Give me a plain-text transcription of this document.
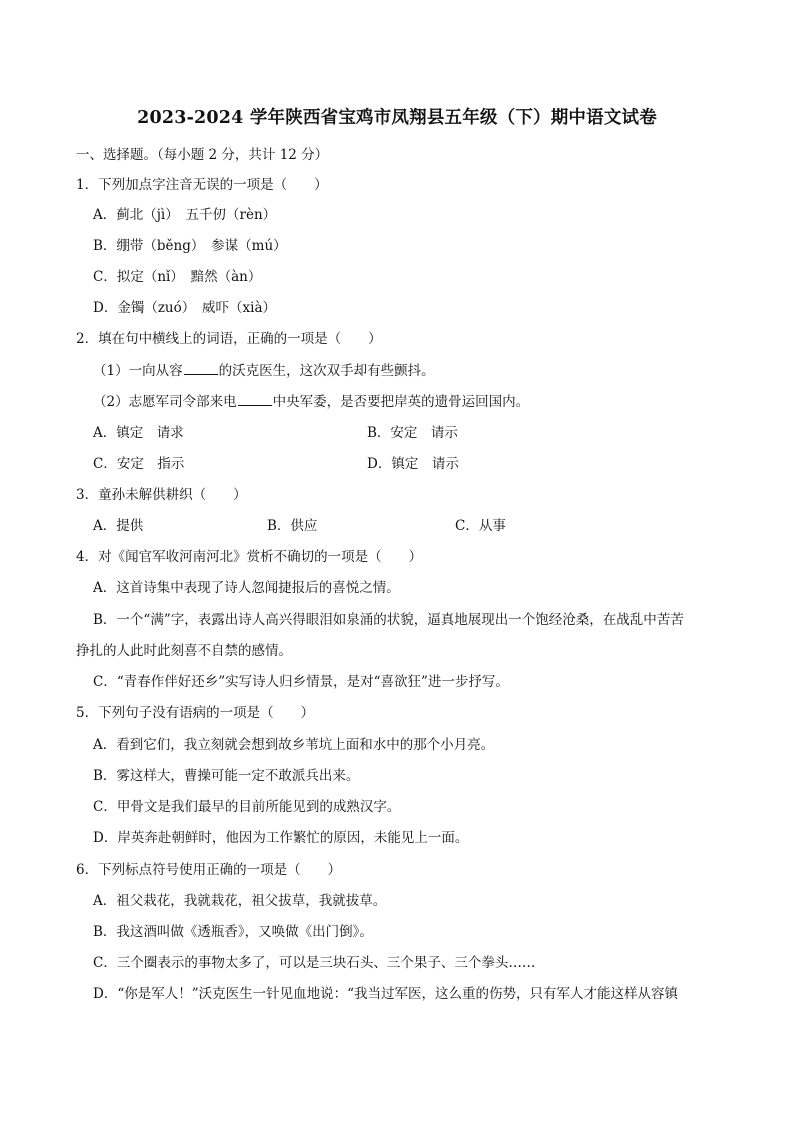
2023-2024 学年陕西省宝鸡市凤翔县五年级（下）期中语文试卷
一、选择题。（每小题 2 分，共计 12 分）
1．下列加点字注音无误的一项是（　　）
A．蓟北（jì）　五千仞（rèn）
B．绷带（běng）　参谋（mú）
C．拟定（nǐ）　黯然（àn）
D．金镯（zuó）　威吓（xià）
2．填在句中横线上的词语，正确的一项是（　　）
（1）一向从容	的沃克医生，这次双手却有些颤抖。
（2）志愿军司令部来电	中央军委，是否要把岸英的遗骨运回国内。
A．镇定　请求	B．安定　请示
C．安定　指示	D．镇定　请示
3．童孙未解供耕织（　　）
A．提供	B．供应	C．从事
4．对《闻官军收河南河北》赏析不确切的一项是（　　）
A．这首诗集中表现了诗人忽闻捷报后的喜悦之情。
B．一个“满”字，表露出诗人高兴得眼泪如泉涌的状貌，逼真地展现出一个饱经沧桑，在战乱中苦苦
挣扎的人此时此刻喜不自禁的感情。
C．“青春作伴好还乡”实写诗人归乡情景，是对“喜欲狂”进一步抒写。
5．下列句子没有语病的一项是（　　）
A．看到它们，我立刻就会想到故乡苇坑上面和水中的那个小月亮。
B．雾这样大，曹操可能一定不敢派兵出来。
C．甲骨文是我们最早的目前所能见到的成熟汉字。
D．岸英奔赴朝鲜时，他因为工作繁忙的原因，未能见上一面。
6．下列标点符号使用正确的一项是（　　）
A．祖父栽花，我就栽花，祖父拔草，我就拔草。
B．我这酒叫做《透瓶香》，又唤做《出门倒》。
C．三个圈表示的事物太多了，可以是三块石头、三个果子、三个拳头……
D．“你是军人！”沃克医生一针见血地说：“我当过军医，这么重的伤势，只有军人才能这样从容镇
